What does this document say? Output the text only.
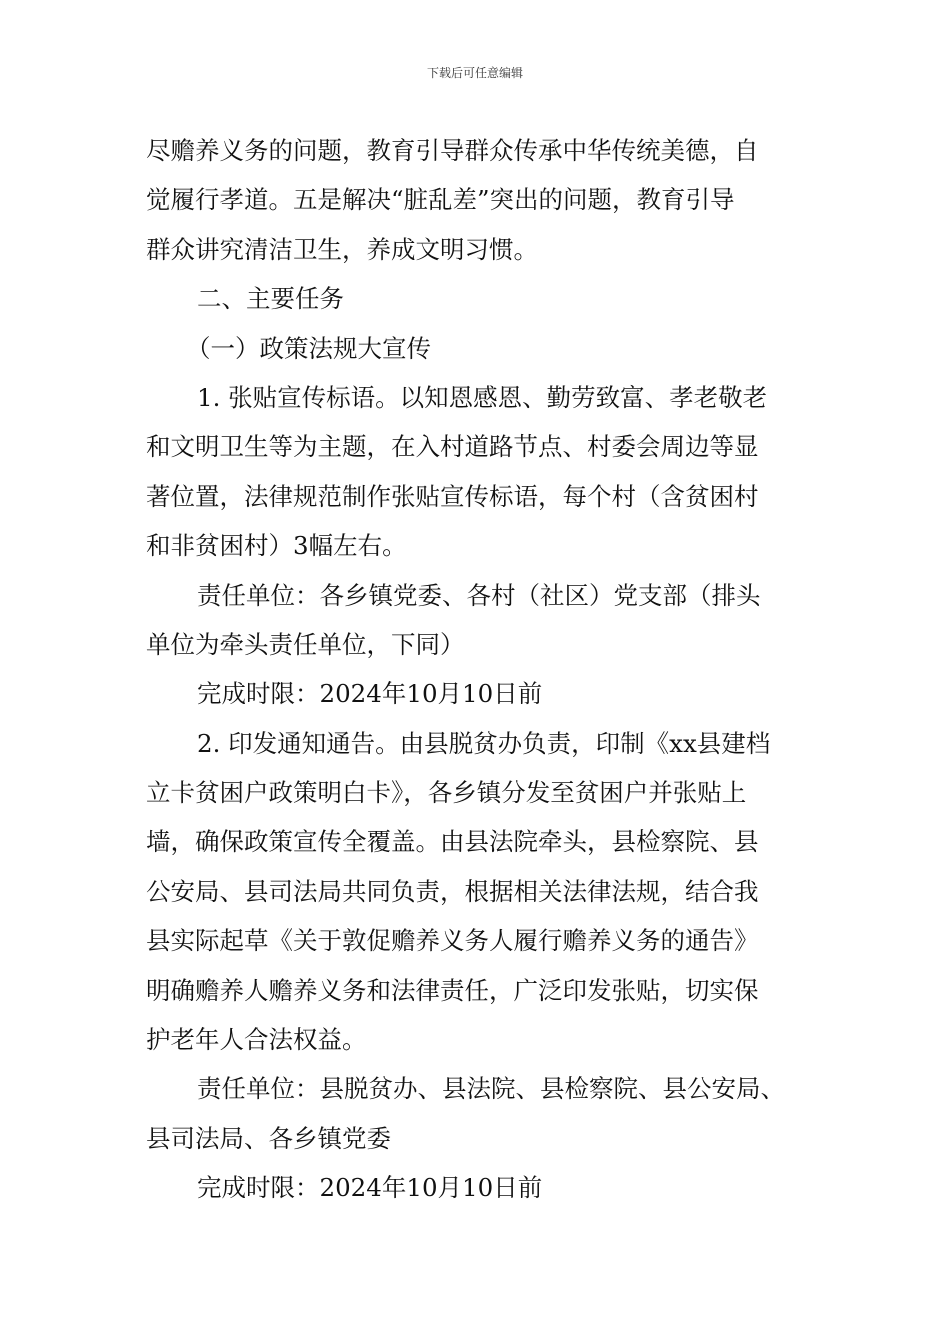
下载后可任意编辑
尽赡养义务的问题，教育引导群众传承中华传统美德，自
觉履行孝道。五是解决“脏乱差”突出的问题，教育引导
群众讲究清洁卫生，养成文明习惯。
二、主要任务
（一）政策法规大宣传
1. 张贴宣传标语。以知恩感恩、勤劳致富、孝老敬老
和文明卫生等为主题，在入村道路节点、村委会周边等显
著位置，法律规范制作张贴宣传标语，每个村（含贫困村
和非贫困村）3幅左右。
责任单位：各乡镇党委、各村（社区）党支部（排头
单位为牵头责任单位，下同）
完成时限：2024年10月10日前
2. 印发通知通告。由县脱贫办负责，印制《xx县建档
立卡贫困户政策明白卡》，各乡镇分发至贫困户并张贴上
墙，确保政策宣传全覆盖。由县法院牵头，县检察院、县
公安局、县司法局共同负责，根据相关法律法规，结合我
县实际起草《关于敦促赡养义务人履行赡养义务的通告》
明确赡养人赡养义务和法律责任，广泛印发张贴，切实保
护老年人合法权益。
责任单位：县脱贫办、县法院、县检察院、县公安局、
县司法局、各乡镇党委
完成时限：2024年10月10日前
